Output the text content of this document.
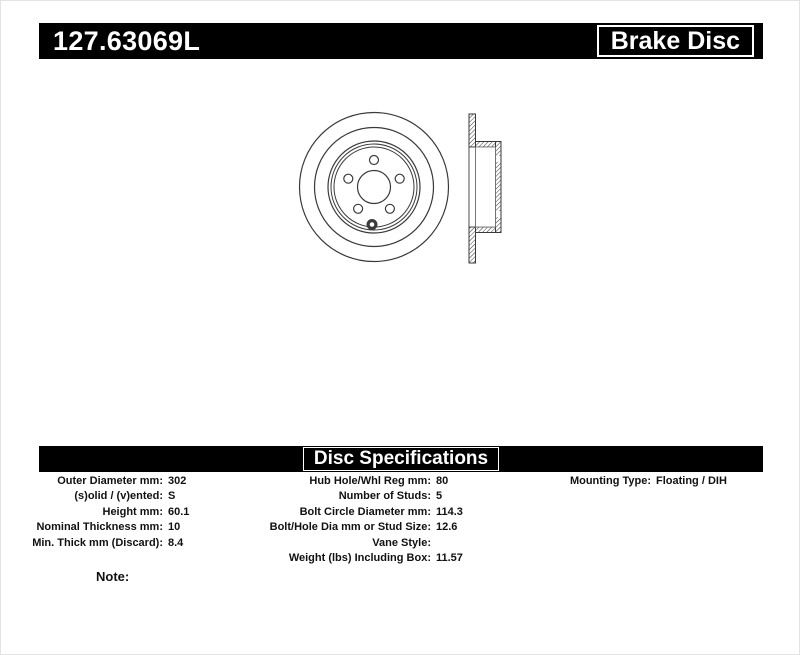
127.63069L	Brake Disc
Disc Specifications
Outer Diameter mm: 302
(s)olid / (v)ented: S
Height mm: 60.1
Nominal Thickness mm: 10
Min. Thick mm (Discard): 8.4
Hub Hole/Whl Reg mm: 80
Number of Studs: 5
Bolt Circle Diameter mm: 114.3
Bolt/Hole Dia mm or Stud Size: 12.6
Vane Style:
Weight (lbs) Including Box: 11.57
Mounting Type: Floating / DIH
Note:
